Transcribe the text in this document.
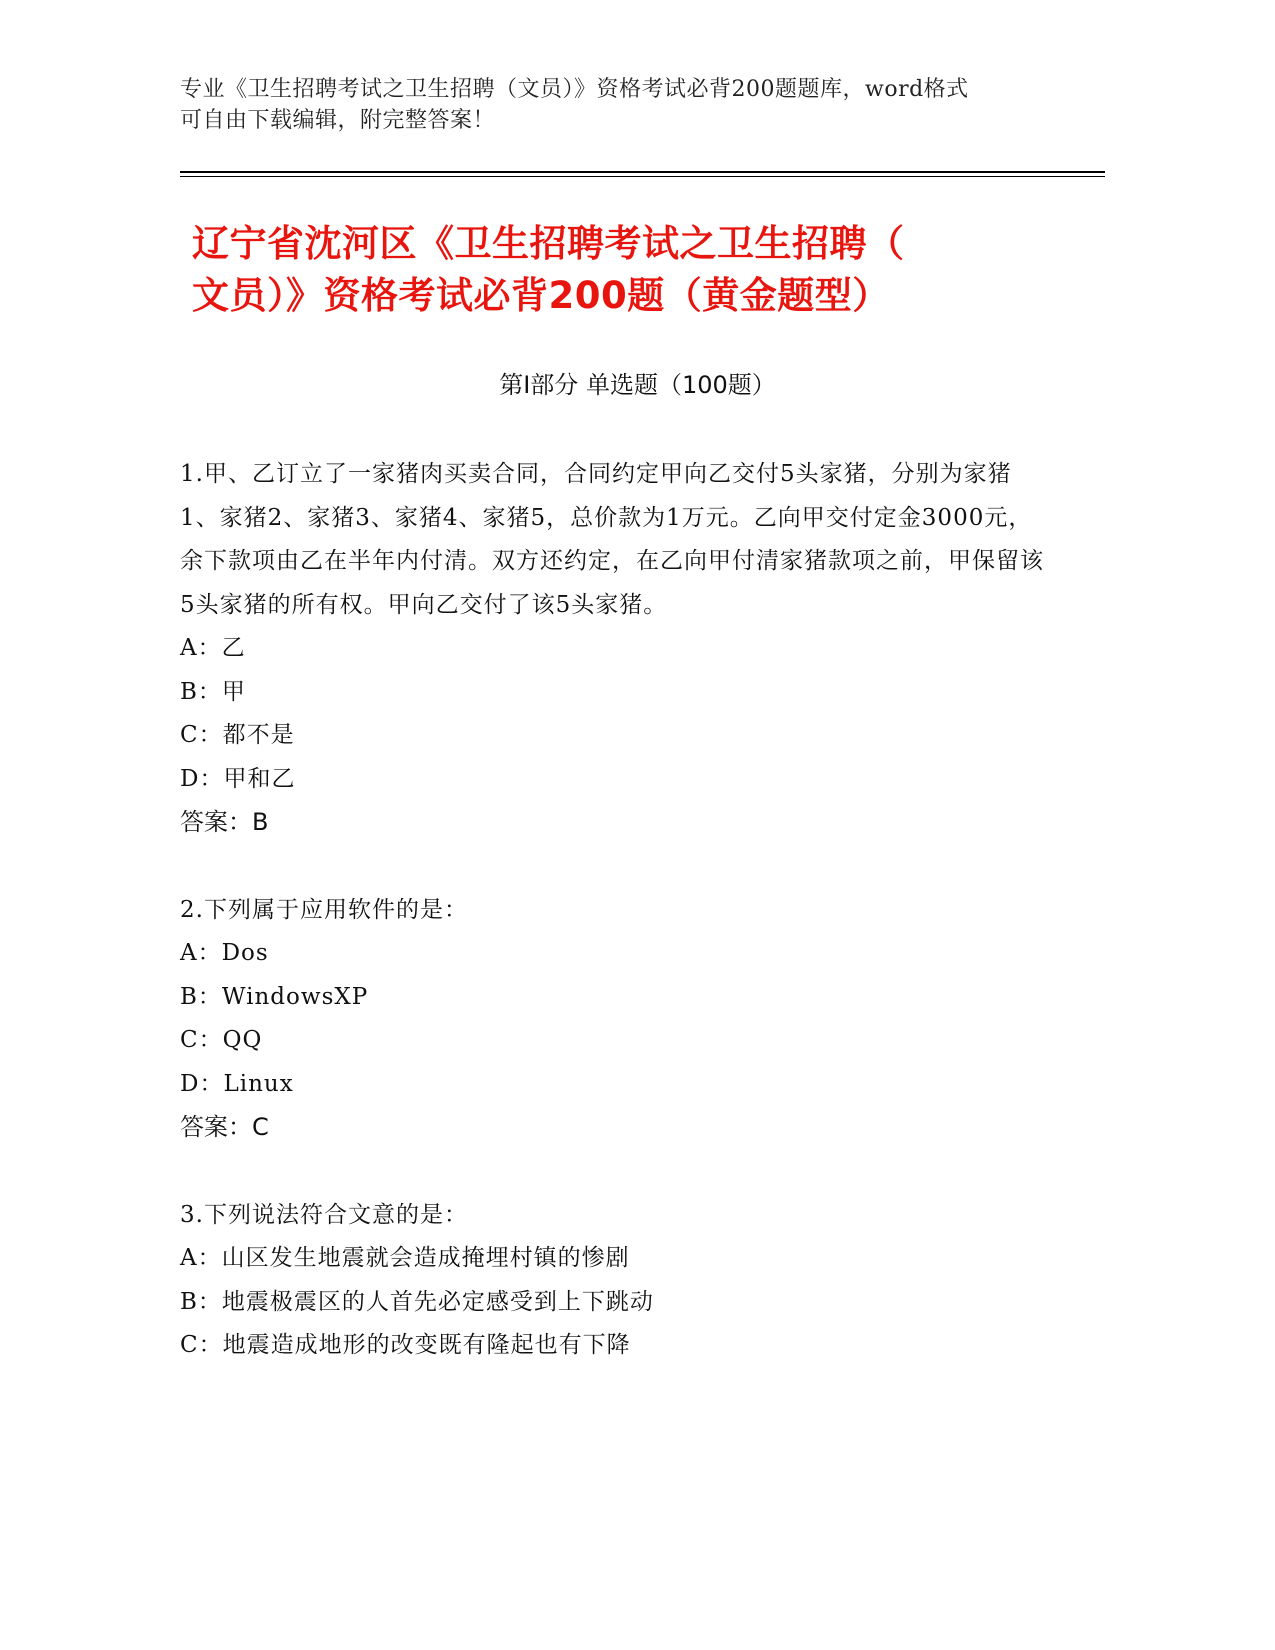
专业《卫生招聘考试之卫生招聘（文员）》资格考试必背200题题库，word格式
可自由下载编辑，附完整答案！
辽宁省沈河区《卫生招聘考试之卫生招聘（
文员）》资格考试必背200题（黄金题型）
第Ⅰ部分 单选题（100题）
1.甲、乙订立了一家猪肉买卖合同，合同约定甲向乙交付5头家猪，分别为家猪1、家猪2、家猪3、家猪4、家猪5，总价款为1万元。乙向甲交付定金3000元，余下款项由乙在半年内付清。双方还约定，在乙向甲付清家猪款项之前，甲保留该5头家猪的所有权。甲向乙交付了该5头家猪。
A：乙
B：甲
C：都不是
D：甲和乙
答案：B
2.下列属于应用软件的是：
A：Dos
B：WindowsXP
C：QQ
D：Linux
答案：C
3.下列说法符合文意的是：
A：山区发生地震就会造成掩埋村镇的惨剧
B：地震极震区的人首先必定感受到上下跳动
C：地震造成地形的改变既有隆起也有下降
